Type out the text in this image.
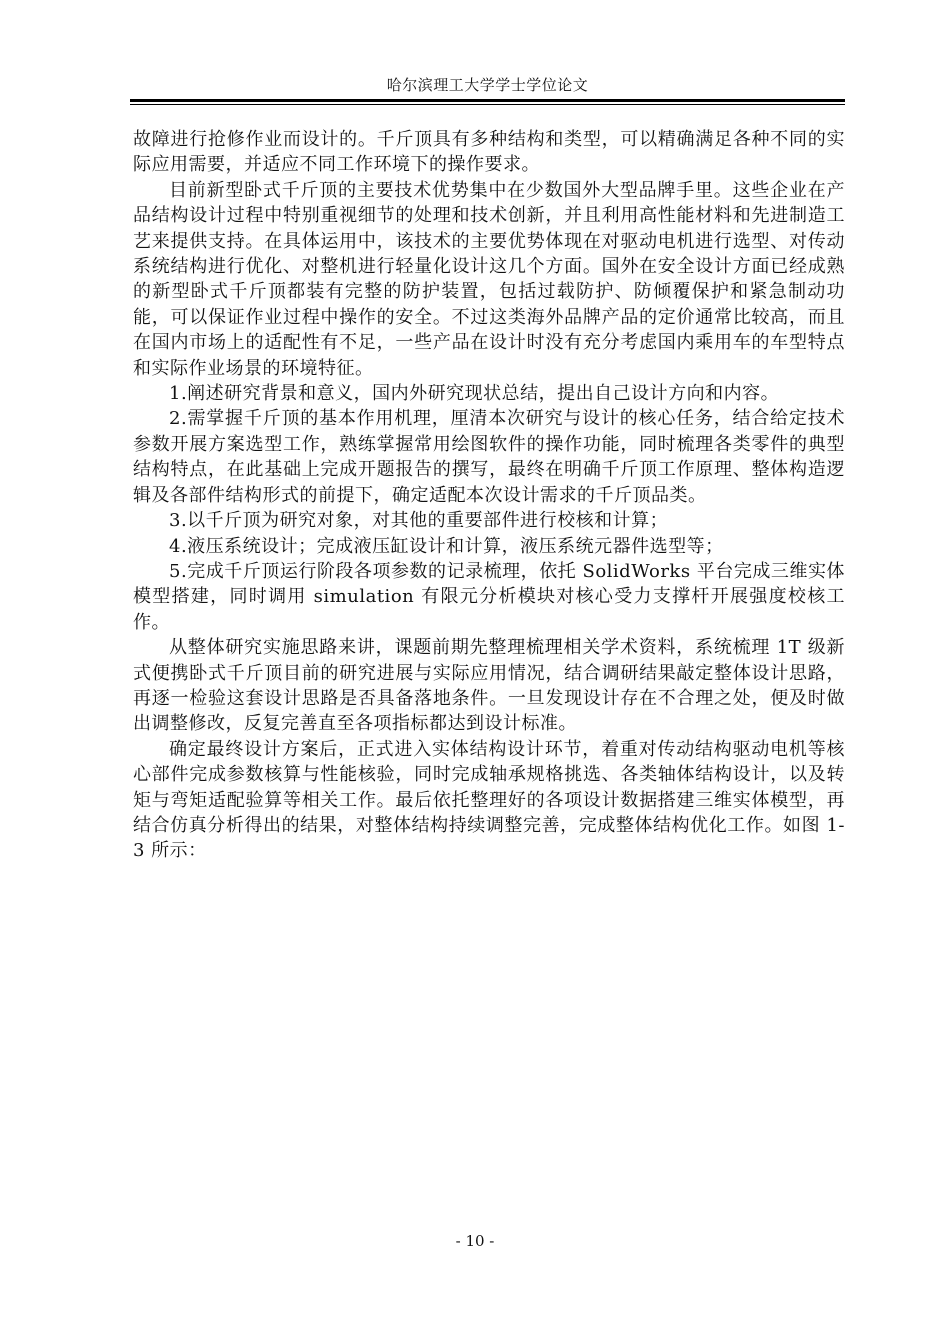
哈尔滨理工大学学士学位论文

故障进行抢修作业而设计的。千斤顶具有多种结构和类型，可以精确满足各种不同的实际应用需要，并适应不同工作环境下的操作要求。

目前新型卧式千斤顶的主要技术优势集中在少数国外大型品牌手里。这些企业在产品结构设计过程中特别重视细节的处理和技术创新，并且利用高性能材料和先进制造工艺来提供支持。在具体运用中，该技术的主要优势体现在对驱动电机进行选型、对传动系统结构进行优化、对整机进行轻量化设计这几个方面。国外在安全设计方面已经成熟的新型卧式千斤顶都装有完整的防护装置，包括过载防护、防倾覆保护和紧急制动功能，可以保证作业过程中操作的安全。不过这类海外品牌产品的定价通常比较高，而且在国内市场上的适配性有不足，一些产品在设计时没有充分考虑国内乘用车的车型特点和实际作业场景的环境特征。

1.阐述研究背景和意义，国内外研究现状总结，提出自己设计方向和内容。

2.需掌握千斤顶的基本作用机理，厘清本次研究与设计的核心任务，结合给定技术参数开展方案选型工作，熟练掌握常用绘图软件的操作功能，同时梳理各类零件的典型结构特点，在此基础上完成开题报告的撰写，最终在明确千斤顶工作原理、整体构造逻辑及各部件结构形式的前提下，确定适配本次设计需求的千斤顶品类。

3.以千斤顶为研究对象，对其他的重要部件进行校核和计算；

4.液压系统设计；完成液压缸设计和计算，液压系统元器件选型等；

5.完成千斤顶运行阶段各项参数的记录梳理，依托 SolidWorks 平台完成三维实体模型搭建，同时调用 simulation 有限元分析模块对核心受力支撑杆开展强度校核工作。

从整体研究实施思路来讲，课题前期先整理梳理相关学术资料，系统梳理 1T 级新式便携卧式千斤顶目前的研究进展与实际应用情况，结合调研结果敲定整体设计思路，再逐一检验这套设计思路是否具备落地条件。一旦发现设计存在不合理之处，便及时做出调整修改，反复完善直至各项指标都达到设计标准。

确定最终设计方案后，正式进入实体结构设计环节，着重对传动结构驱动电机等核心部件完成参数核算与性能核验，同时完成轴承规格挑选、各类轴体结构设计，以及转矩与弯矩适配验算等相关工作。最后依托整理好的各项设计数据搭建三维实体模型，再结合仿真分析得出的结果，对整体结构持续调整完善，完成整体结构优化工作。如图 1-3 所示：

- 10 -
